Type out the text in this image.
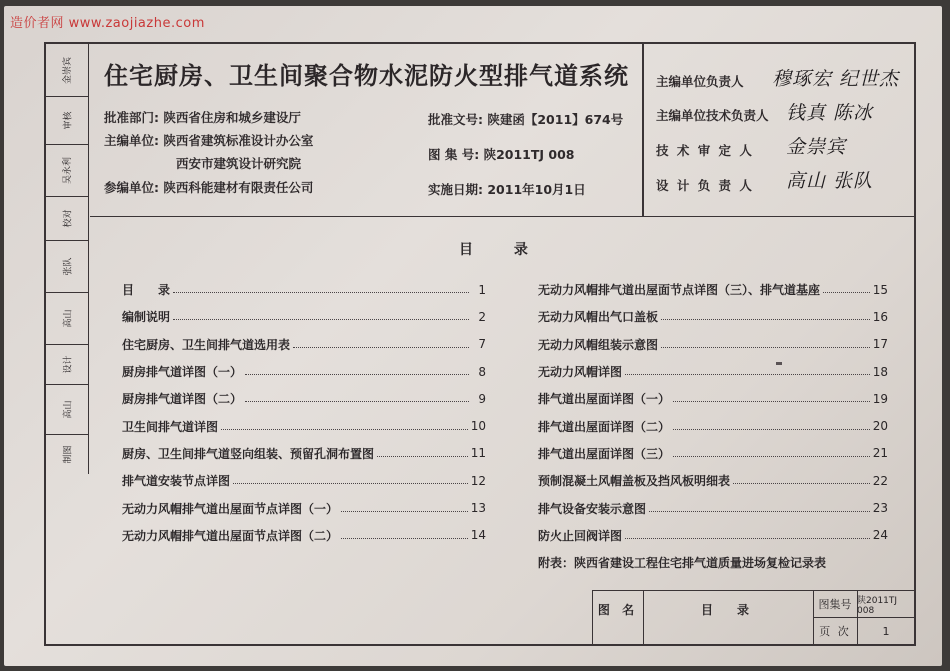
造价者网 www.zaojiazhe.com
金崇宾
审核
吴永利
校对
张队
高山
设计
高山
制图
住宅厨房、卫生间聚合物水泥防火型排气道系统
批准部门: 陕西省住房和城乡建设厅
主编单位: 陕西省建筑标准设计办公室
西安市建筑设计研究院
参编单位: 陕西科能建材有限责任公司
批准文号: 陕建函【2011】674号
图 集 号: 陕2011TJ 008
实施日期: 2011年10月1日
主编单位负责人 穆琢宏 纪世杰
主编单位技术负责人 钱真 陈冰
技 术 审 定 人 金崇宾
设 计 负 责 人 高山 张队
目 录
目　　录	1
编制说明	2
住宅厨房、卫生间排气道选用表	7
厨房排气道详图（一）	8
厨房排气道详图（二）	9
卫生间排气道详图	10
厨房、卫生间排气道竖向组装、预留孔洞布置图	11
排气道安装节点详图	12
无动力风帽排气道出屋面节点详图（一）	13
无动力风帽排气道出屋面节点详图（二）	14
无动力风帽排气道出屋面节点详图（三）、排气道基座	15
无动力风帽出气口盖板	16
无动力风帽组装示意图	17
无动力风帽详图	18
排气道出屋面详图（一）	19
排气道出屋面详图（二）	20
排气道出屋面详图（三）	21
预制混凝土风帽盖板及挡风板明细表	22
排气设备安装示意图	23
防火止回阀详图	24
附表：陕西省建设工程住宅排气道质量进场复检记录表
图 名	目　录	图集号 陕2011TJ 008
页 次	1
